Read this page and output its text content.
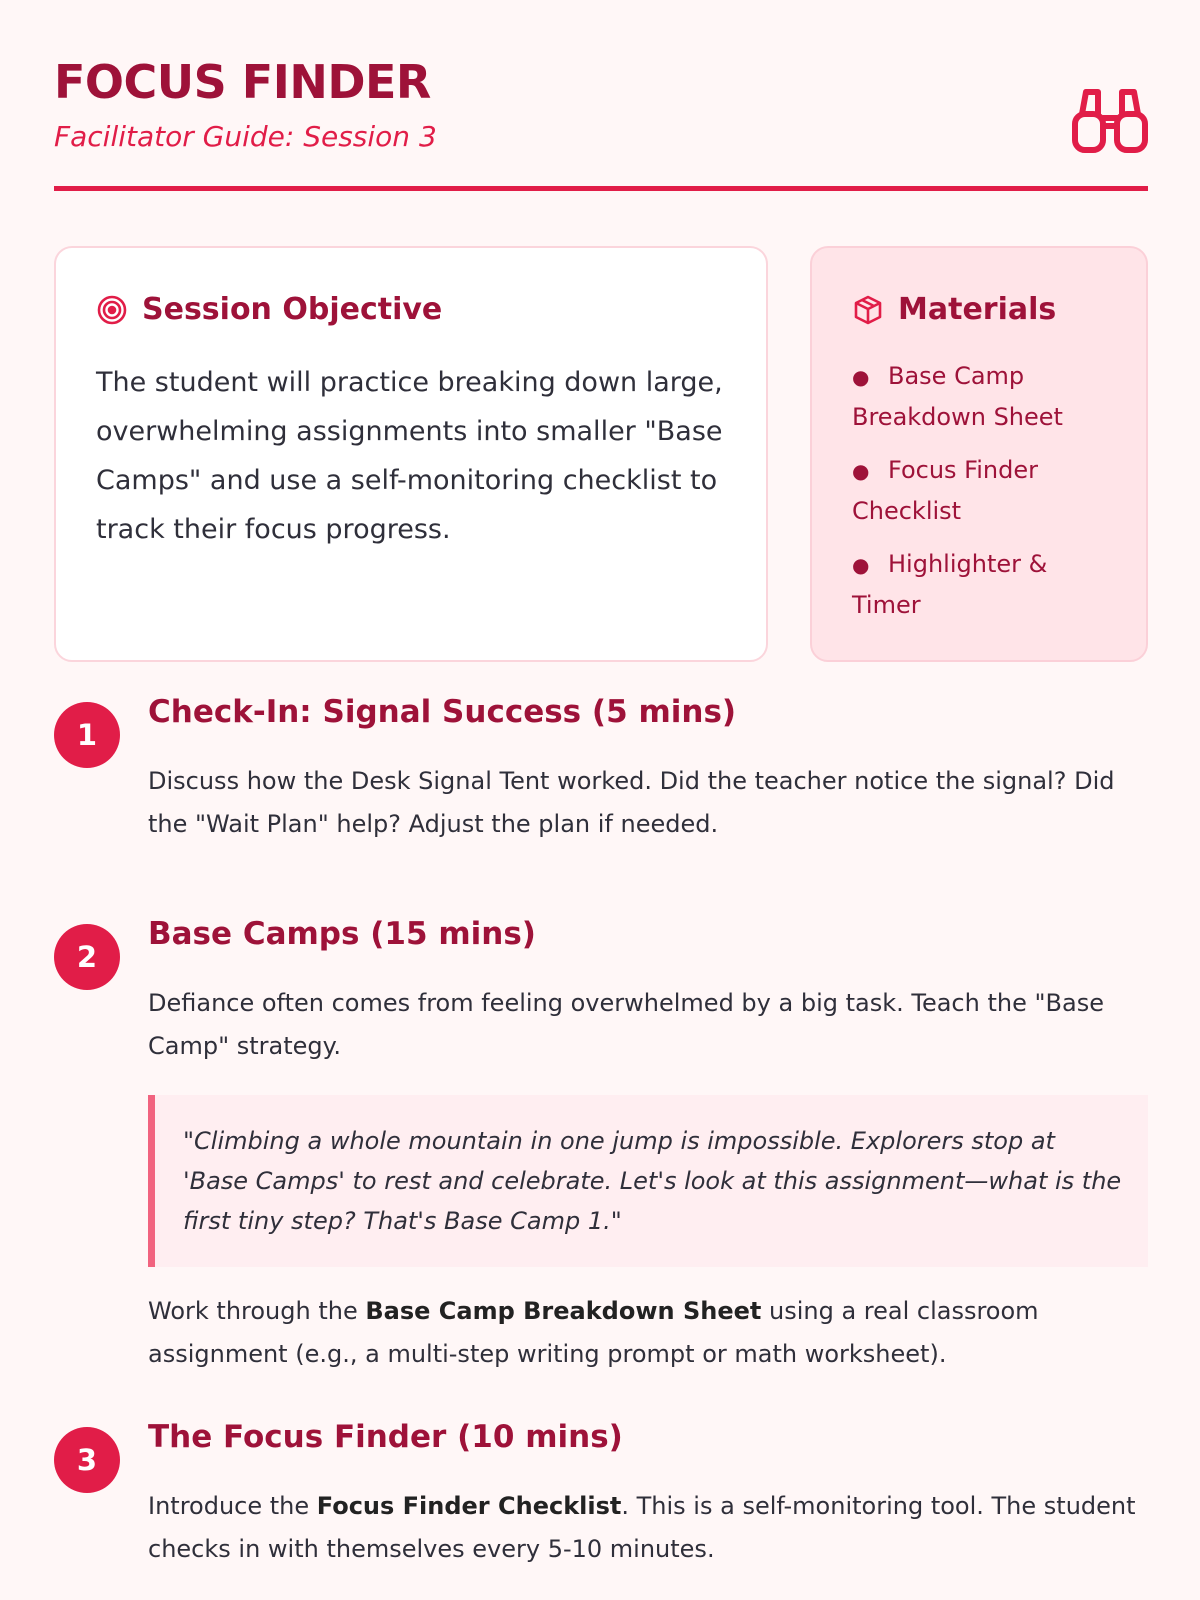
FOCUS FINDER

Facilitator Guide: Session 3

Session Objective

The student will practice breaking down large, overwhelming assignments into smaller "Base Camps" and use a self-monitoring checklist to track their focus progress.

Materials
● Base Camp Breakdown Sheet
● Focus Finder Checklist
● Highlighter & Timer
1
Check-In: Signal Success (5 mins)

Discuss how the Desk Signal Tent worked. Did the teacher notice the signal? Did the "Wait Plan" help? Adjust the plan if needed.

2
Base Camps (15 mins)

Defiance often comes from feeling overwhelmed by a big task. Teach the "Base Camp" strategy.

"Climbing a whole mountain in one jump is impossible. Explorers stop at 'Base Camps' to rest and celebrate. Let's look at this assignment—what is the first tiny step? That's Base Camp 1."

Work through the Base Camp Breakdown Sheet using a real classroom assignment (e.g., a multi-step writing prompt or math worksheet).

3
The Focus Finder (10 mins)

Introduce the Focus Finder Checklist. This is a self-monitoring tool. The student checks in with themselves every 5-10 minutes.
